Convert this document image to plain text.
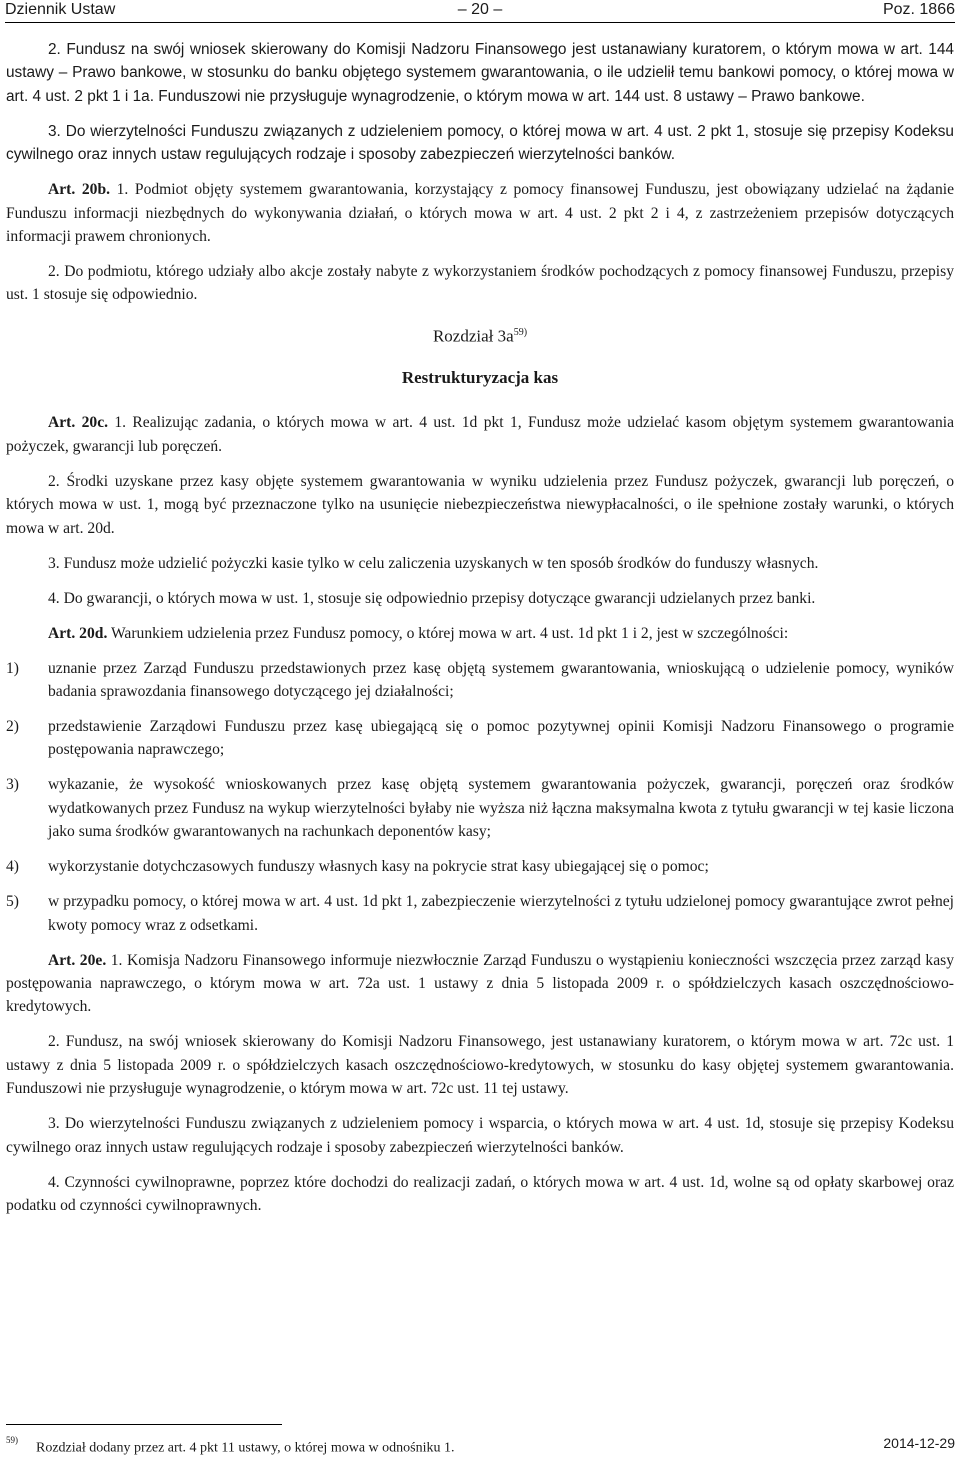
Dziennik Ustaw	– 20 –	Poz. 1866

2. Fundusz na swój wniosek skierowany do Komisji Nadzoru Finansowego jest ustanawiany kuratorem, o którym mowa w art. 144 ustawy – Prawo bankowe, w stosunku do banku objętego systemem gwarantowania, o ile udzielił temu bankowi pomocy, o której mowa w art. 4 ust. 2 pkt 1 i 1a. Funduszowi nie przysługuje wynagrodzenie, o którym mowa w art. 144 ust. 8 ustawy – Prawo bankowe.

3. Do wierzytelności Funduszu związanych z udzieleniem pomocy, o której mowa w art. 4 ust. 2 pkt 1, stosuje się przepisy Kodeksu cywilnego oraz innych ustaw regulujących rodzaje i sposoby zabezpieczeń wierzytelności banków.

Art. 20b. 1. Podmiot objęty systemem gwarantowania, korzystający z pomocy finansowej Funduszu, jest obowiązany udzielać na żądanie Funduszu informacji niezbędnych do wykonywania działań, o których mowa w art. 4 ust. 2 pkt 2 i 4, z zastrzeżeniem przepisów dotyczących informacji prawem chronionych.

2. Do podmiotu, którego udziały albo akcje zostały nabyte z wykorzystaniem środków pochodzących z pomocy finansowej Funduszu, przepisy ust. 1 stosuje się odpowiednio.

Rozdział $3a^{59)}$
Restrukturyzacja kas

Art. 20c. 1. Realizując zadania, o których mowa w art. 4 ust. 1d pkt 1, Fundusz może udzielać kasom objętym systemem gwarantowania pożyczek, gwarancji lub poręczeń.

2. Środki uzyskane przez kasy objęte systemem gwarantowania w wyniku udzielenia przez Fundusz pożyczek, gwarancji lub poręczeń, o których mowa w ust. 1, mogą być przeznaczone tylko na usunięcie niebezpieczeństwa niewypłacalności, o ile spełnione zostały warunki, o których mowa w art. 20d.

3. Fundusz może udzielić pożyczki kasie tylko w celu zaliczenia uzyskanych w ten sposób środków do funduszy własnych.

4. Do gwarancji, o których mowa w ust. 1, stosuje się odpowiednio przepisy dotyczące gwarancji udzielanych przez banki.

Art. 20d. Warunkiem udzielenia przez Fundusz pomocy, o której mowa w art. 4 ust. 1d pkt 1 i 2, jest w szczególności:

1) uznanie przez Zarząd Funduszu przedstawionych przez kasę objętą systemem gwarantowania, wnioskującą o udzielenie pomocy, wyników badania sprawozdania finansowego dotyczącego jej działalności;
2) przedstawienie Zarządowi Funduszu przez kasę ubiegającą się o pomoc pozytywnej opinii Komisji Nadzoru Finansowego o programie postępowania naprawczego;
3) wykazanie, że wysokość wnioskowanych przez kasę objętą systemem gwarantowania pożyczek, gwarancji, poręczeń oraz środków wydatkowanych przez Fundusz na wykup wierzytelności byłaby nie wyższa niż łączna maksymalna kwota z tytułu gwarancji w tej kasie liczona jako suma środków gwarantowanych na rachunkach deponentów kasy;
4) wykorzystanie dotychczasowych funduszy własnych kasy na pokrycie strat kasy ubiegającej się o pomoc;
5) w przypadku pomocy, o której mowa w art. 4 ust. 1d pkt 1, zabezpieczenie wierzytelności z tytułu udzielonej pomocy gwarantujące zwrot pełnej kwoty pomocy wraz z odsetkami.

Art. 20e. 1. Komisja Nadzoru Finansowego informuje niezwłocznie Zarząd Funduszu o wystąpieniu konieczności wszczęcia przez zarząd kasy postępowania naprawczego, o którym mowa w art. 72a ust. 1 ustawy z dnia 5 listopada 2009 r. o spółdzielczych kasach oszczędnościowo-kredytowych.

2. Fundusz, na swój wniosek skierowany do Komisji Nadzoru Finansowego, jest ustanawiany kuratorem, o którym mowa w art. 72c ust. 1 ustawy z dnia 5 listopada 2009 r. o spółdzielczych kasach oszczędnościowo-kredytowych, w stosunku do kasy objętej systemem gwarantowania. Funduszowi nie przysługuje wynagrodzenie, o którym mowa w art. 72c ust. 11 tej ustawy.

3. Do wierzytelności Funduszu związanych z udzieleniem pomocy i wsparcia, o których mowa w art. 4 ust. 1d, stosuje się przepisy Kodeksu cywilnego oraz innych ustaw regulujących rodzaje i sposoby zabezpieczeń wierzytelności banków.

4. Czynności cywilnoprawne, poprzez które dochodzi do realizacji zadań, o których mowa w art. 4 ust. 1d, wolne są od opłaty skarbowej oraz podatku od czynności cywilnoprawnych.

$^{59)}$Rozdział dodany przez art. 4 pkt 11 ustawy, o której mowa w odnośniku 1.	2014-12-29
